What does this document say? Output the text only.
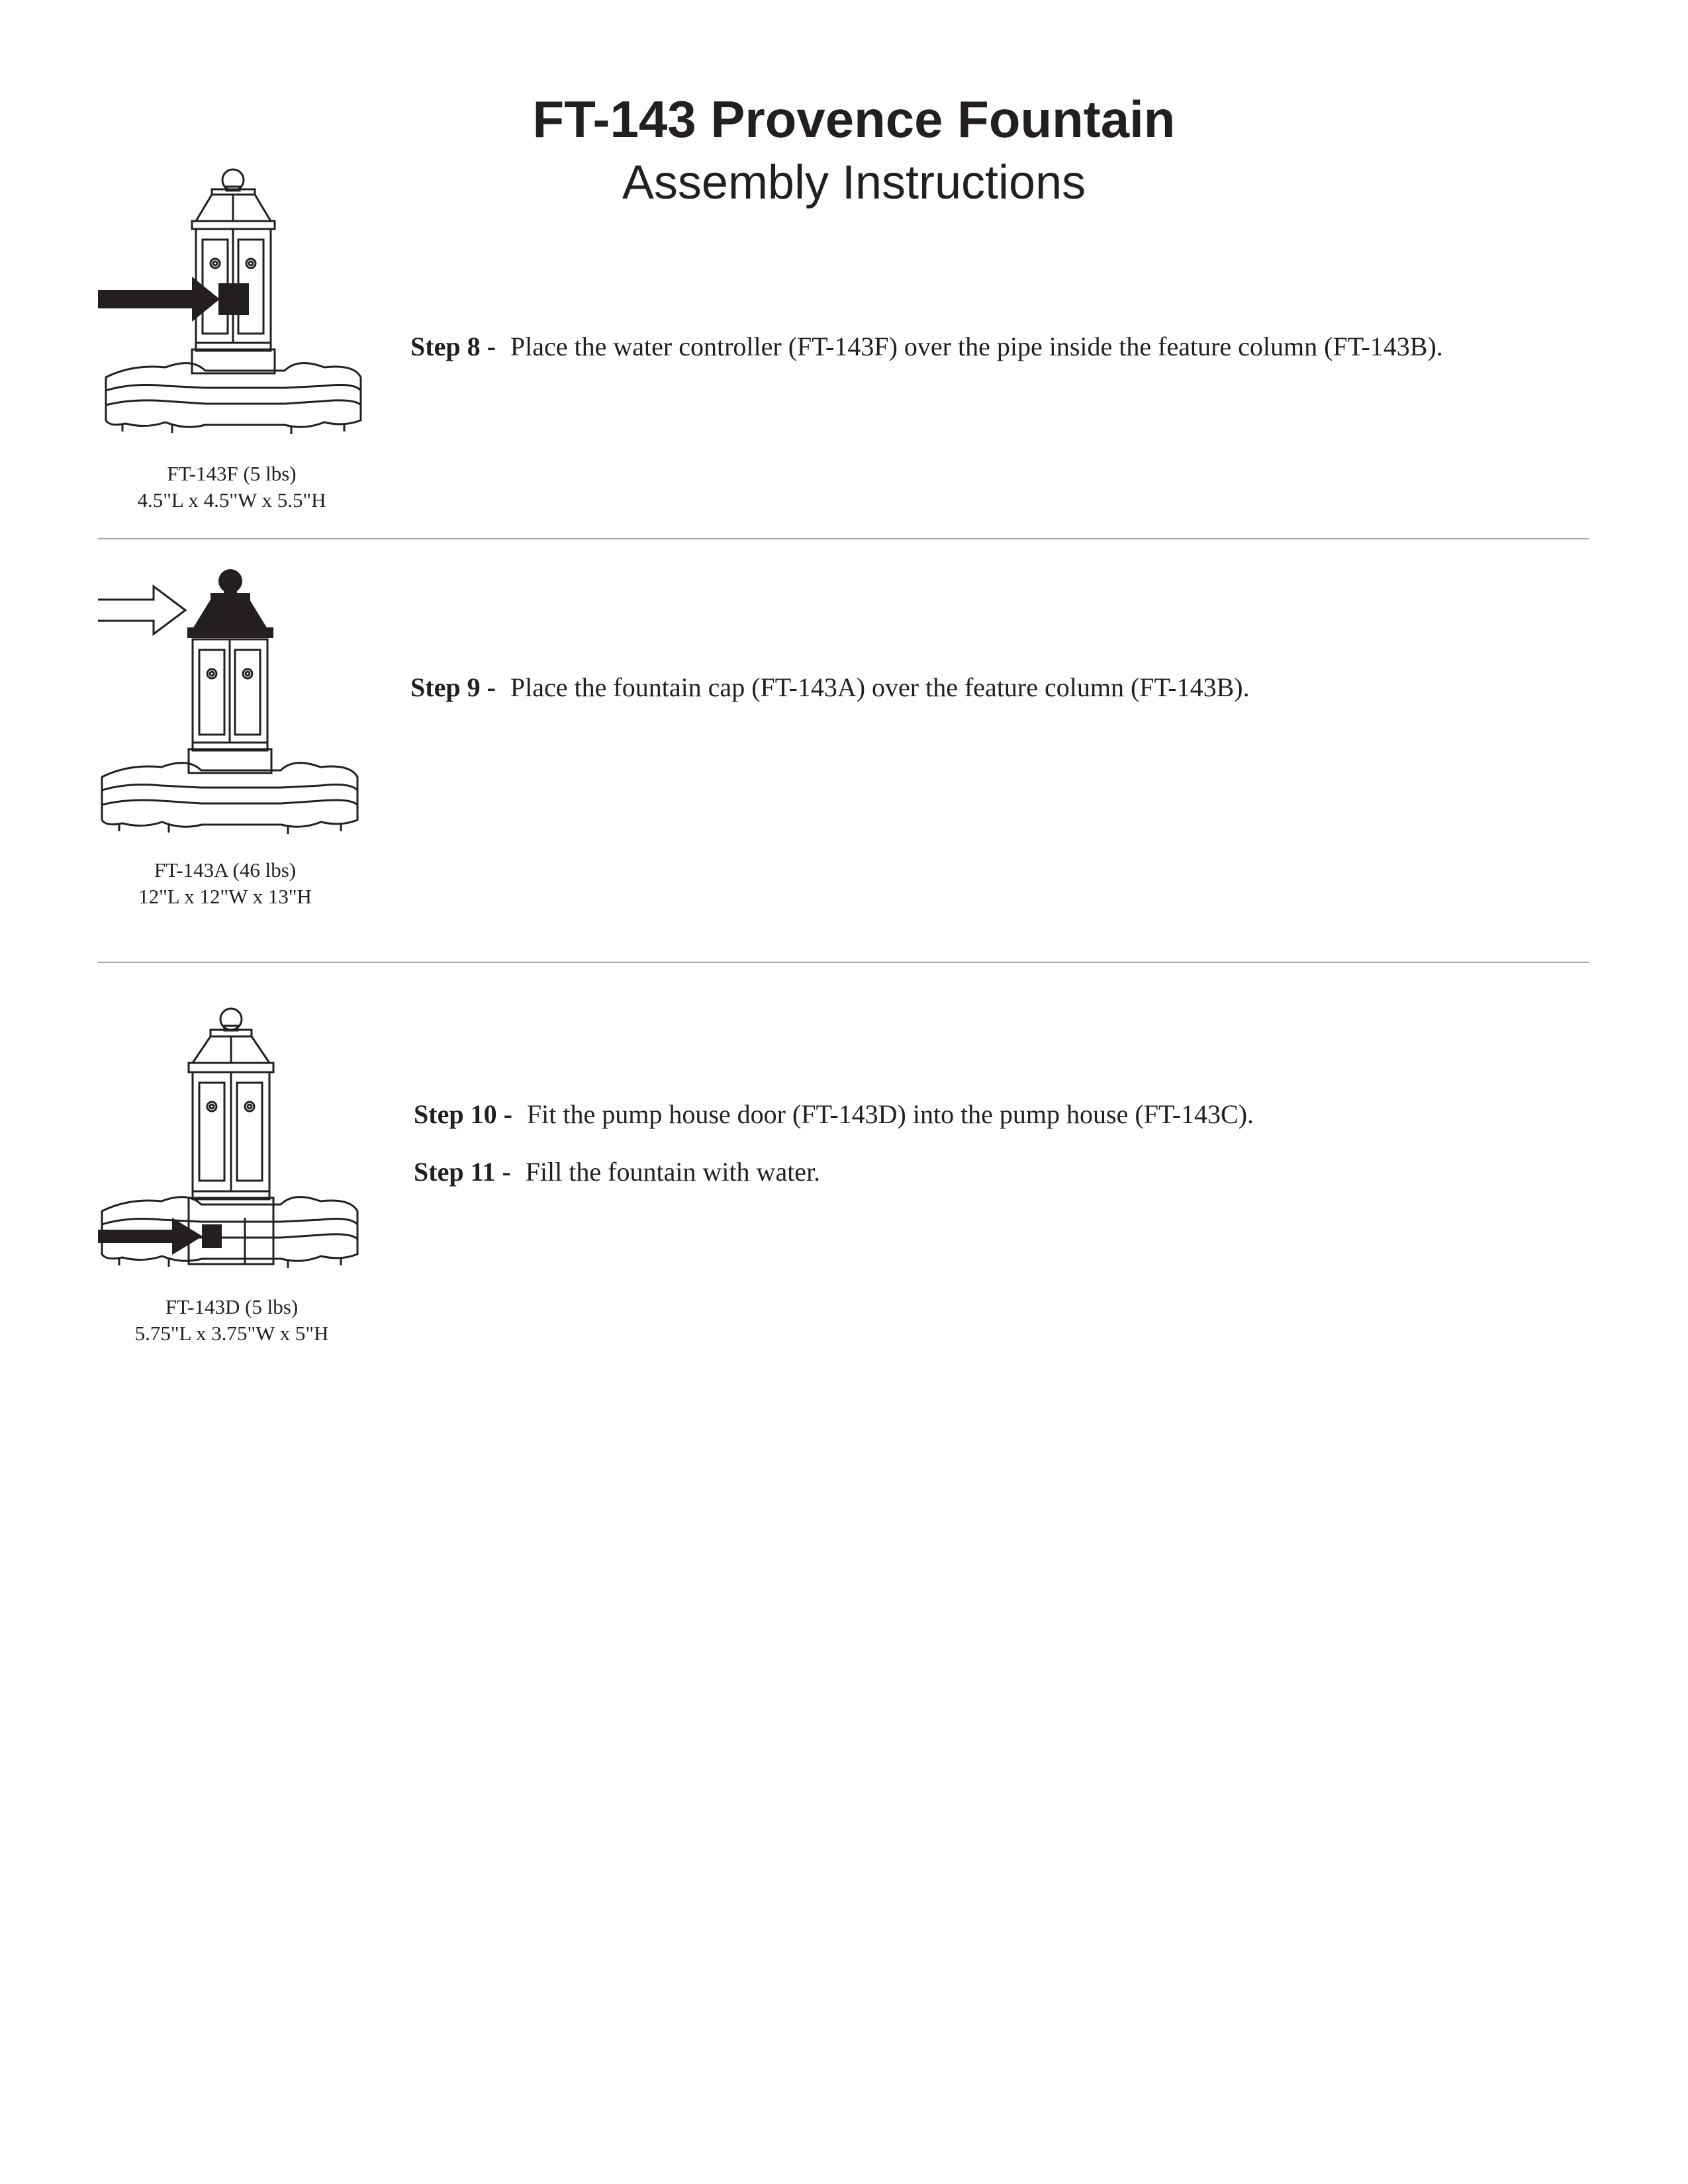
FT-143 Provence Fountain
Assembly Instructions
FT-143F (5 lbs)
4.5"L x 4.5"W x 5.5"H
Step 8 - Place the water controller (FT-143F) over the pipe inside the feature column (FT-143B).
FT-143A (46 lbs)
12"L x 12"W x 13"H
Step 9 - Place the fountain cap (FT-143A) over the feature column (FT-143B).
FT-143D (5 lbs)
5.75"L x 3.75"W x 5"H
Step 10 - Fit the pump house door (FT-143D) into the pump house (FT-143C).
Step 11 - Fill the fountain with water.
